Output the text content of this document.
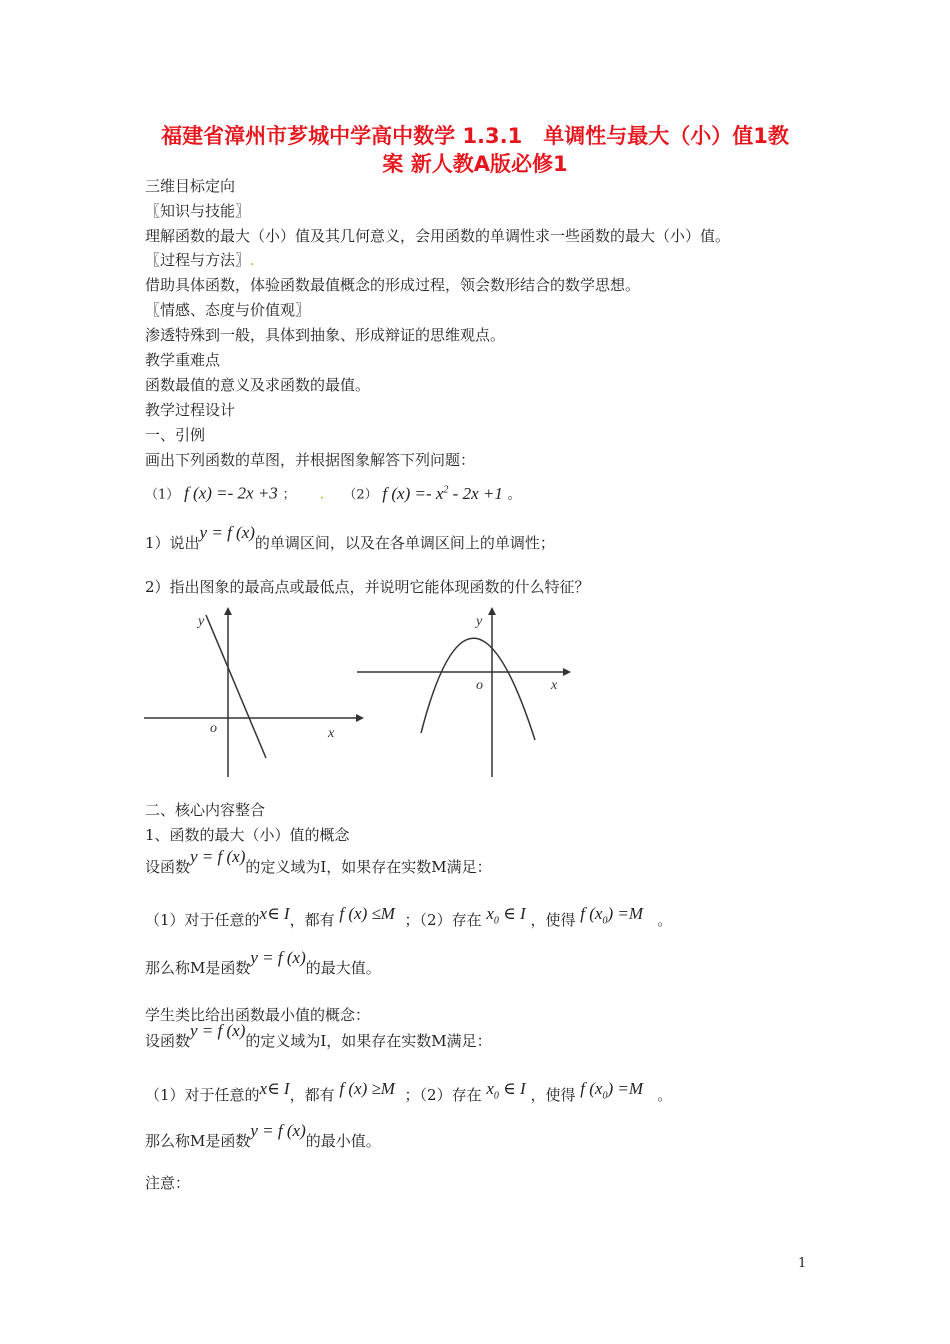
福建省漳州市芗城中学高中数学 1.3.1　单调性与最大（小）值1教
案 新人教A版必修1
三维目标定向
〖知识与技能〗
理解函数的最大（小）值及其几何意义，会用函数的单调性求一些函数的最大（小）值。
〖过程与方法〗.
借助具体函数，体验函数最值概念的形成过程，领会数形结合的数学思想。
〖情感、态度与价值观〗
渗透特殊到一般，具体到抽象、形成辩证的思维观点。
教学重难点
函数最值的意义及求函数的最值。
教学过程设计
一、引例
画出下列函数的草图，并根据图象解答下列问题：
（1） f (x) =- 2x +3 ；     .    （2） f $(x) =- x^2 - 2x +1$ 。
1）说出y = f (x)的单调区间，以及在各单调区间上的单调性；
2）指出图象的最高点或最低点，并说明它能体现函数的什么特征？
y
o	x
y
o	x
二、核心内容整合
1、函数的最大（小）值的概念
设函数y = f (x)的定义域为I，如果存在实数M满足：
（1）对于任意的x∈ I，都有 f (x) ≤M ；（2）存在 $x_0$ ∈ I ，使得 f $(x_0) =M$ 。
那么称M是函数y = f (x)的最大值。
学生类比给出函数最小值的概念：
设函数y = f (x)的定义域为I，如果存在实数M满足：
（1）对于任意的x∈ I，都有 f (x) ≥M ；（2）存在 $x_0$ ∈ I ，使得 f $(x_0) =M$ 。
那么称M是函数y = f (x)的最小值。
注意：
1
